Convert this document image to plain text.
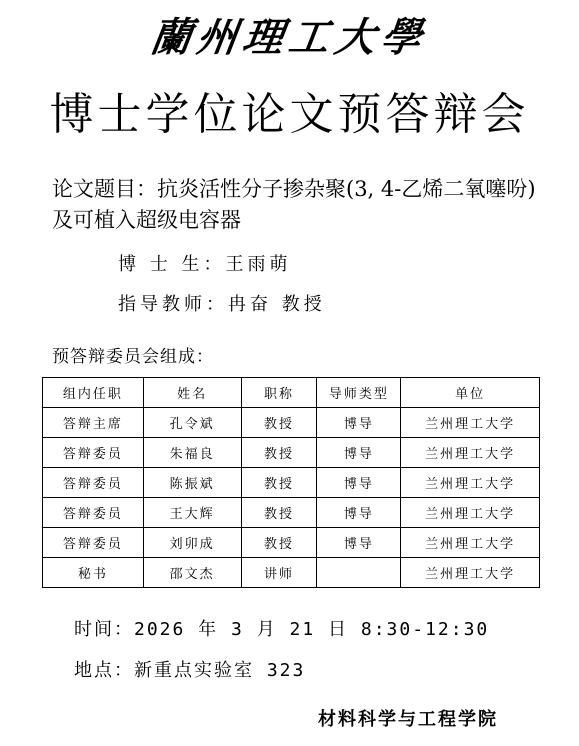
蘭州理工大學
博士学位论文预答辩会
论文题目：抗炎活性分子掺杂聚(3, 4-乙烯二氧噻吩)及可植入超级电容器
博 士 生：王雨萌
指导教师：冉奋 教授
预答辩委员会组成：
组内任职	姓名	职称	导师类型	单位
答辩主席	孔令斌	教授	博导	兰州理工大学
答辩委员	朱福良	教授	博导	兰州理工大学
答辩委员	陈振斌	教授	博导	兰州理工大学
答辩委员	王大辉	教授	博导	兰州理工大学
答辩委员	刘卯成	教授	博导	兰州理工大学
秘书	邵文杰	讲师		兰州理工大学
时间：2026 年 3 月 21 日 8:30-12:30
地点：新重点实验室 323
材料科学与工程学院
